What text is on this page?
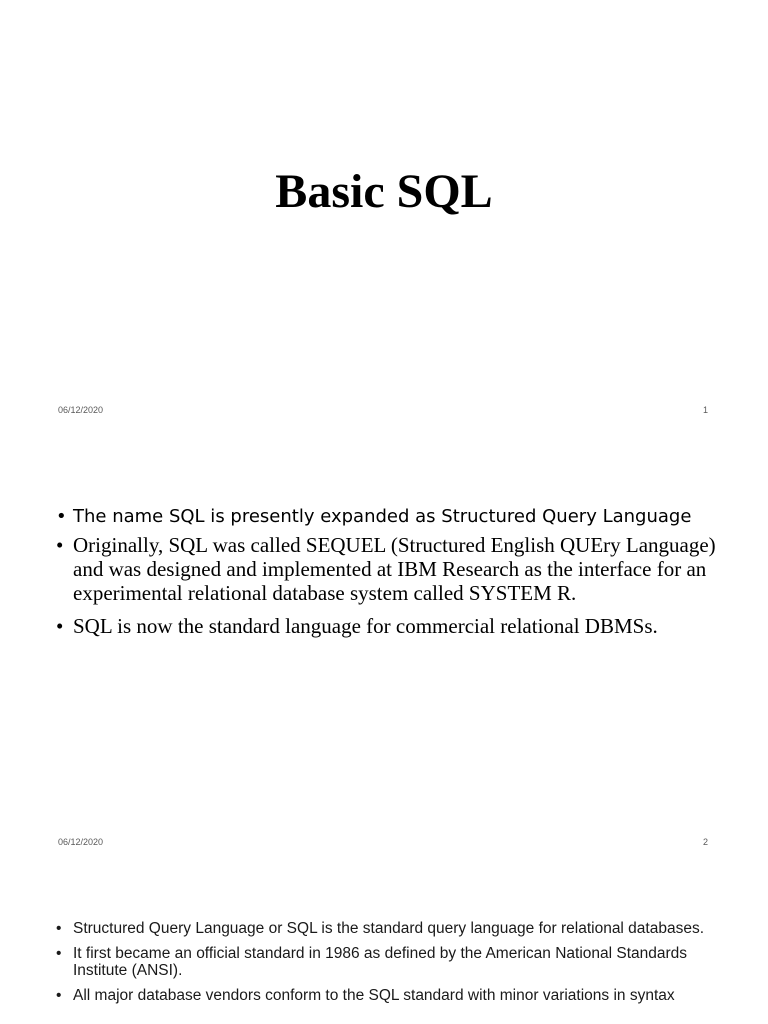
Basic SQL
06/12/2020	1
• The name SQL is presently expanded as Structured Query Language
• Originally, SQL was called SEQUEL (Structured English QUEry Language) and was designed and implemented at IBM Research as the interface for an experimental relational database system called SYSTEM R.
• SQL is now the standard language for commercial relational DBMSs.
06/12/2020	2
• Structured Query Language or SQL is the standard query language for relational databases.
• It first became an official standard in 1986 as defined by the American National Standards Institute (ANSI).
• All major database vendors conform to the SQL standard with minor variations in syntax
